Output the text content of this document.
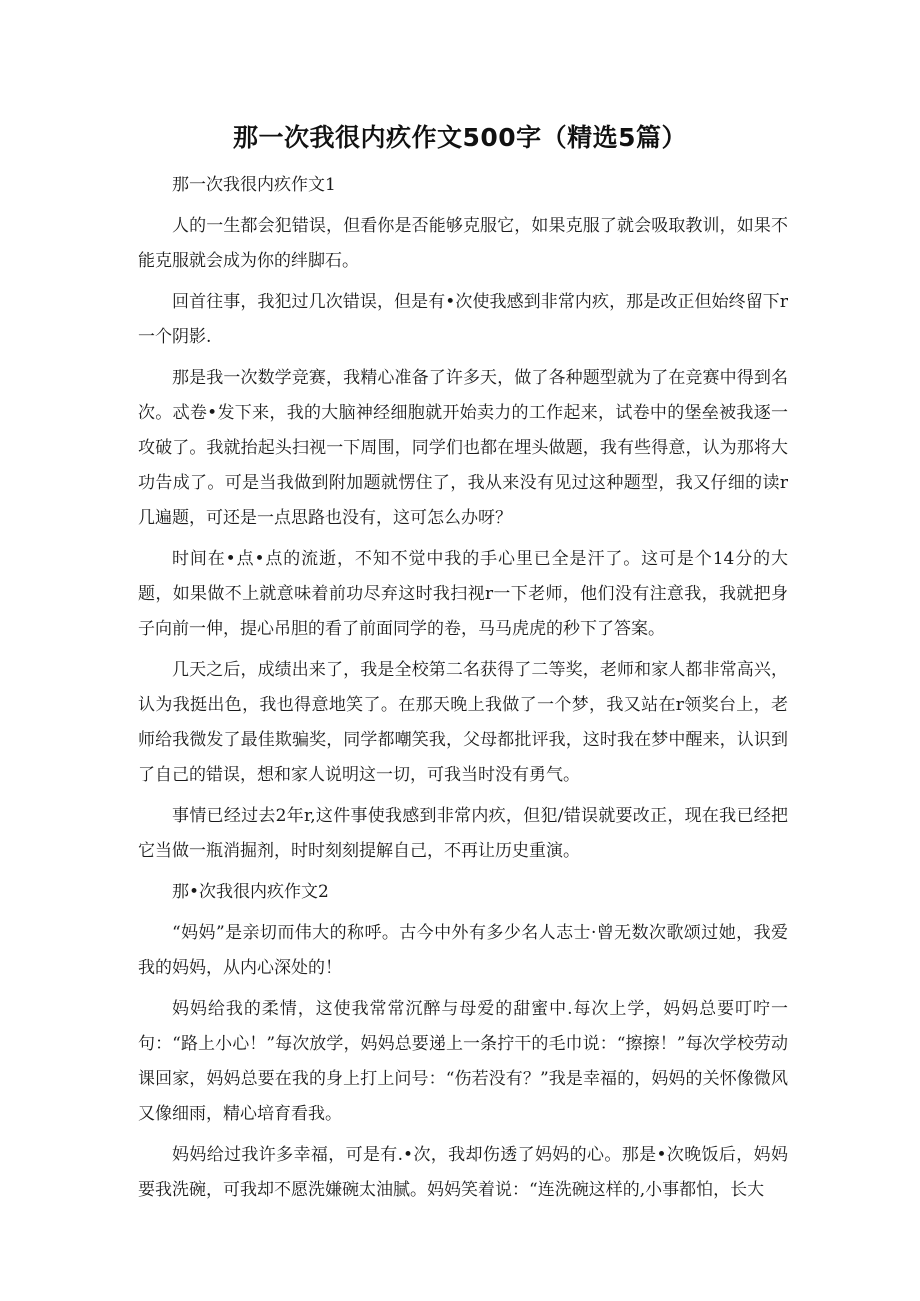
那一次我很内疚作文500字（精选5篇）

那一次我很内疚作文1

人的一生都会犯错误，但看你是否能够克服它，如果克服了就会吸取教训，如果不能克服就会成为你的绊脚石。

回首往事，我犯过几次错误，但是有•次使我感到非常内疚，那是改正但始终留下r一个阴影.

那是我一次数学竞赛，我精心准备了许多天，做了各种题型就为了在竞赛中得到名次。忒卷•发下来，我的大脑神经细胞就开始卖力的工作起来，试卷中的堡垒被我逐一攻破了。我就抬起头扫视一下周围，同学们也都在埋头做题，我有些得意，认为那将大功告成了。可是当我做到附加题就愣住了，我从来没有见过这种题型，我又仔细的读r几遍题，可还是一点思路也没有，这可怎么办呀？

时间在•点•点的流逝，不知不觉中我的手心里已全是汗了。这可是个14分的大题，如果做不上就意味着前功尽弃这时我扫视r一下老师，他们没有注意我，我就把身子向前一伸，提心吊胆的看了前面同学的卷，马马虎虎的秒下了答案。

几天之后，成绩出来了，我是全校第二名获得了二等奖，老师和家人都非常高兴，认为我挺出色，我也得意地笑了。在那天晚上我做了一个梦，我又站在r领奖台上，老师给我微发了最佳欺骗奖，同学都嘲笑我，父母都批评我，这时我在梦中醒来，认识到了自己的错误，想和家人说明这一切，可我当时没有勇气。

事情已经过去2年r,这件事使我感到非常内疚，但犯/错误就要改正，现在我已经把它当做一瓶消掘剂，时时刻刻提解自己，不再让历史重演。

那•次我很内疚作文2

“妈妈”是亲切而伟大的称呼。古今中外有多少名人志士·曾无数次歌颂过她，我爱我的妈妈，从内心深处的！

妈妈给我的柔情，这使我常常沉醉与母爱的甜蜜中.每次上学，妈妈总要叮咛一句：“路上小心！”每次放学，妈妈总要递上一条拧干的毛巾说：“擦擦！”每次学校劳动课回家，妈妈总要在我的身上打上问号：“伤若没有？”我是幸福的，妈妈的关怀像微风又像细雨，精心培育看我。

妈妈给过我许多幸福，可是有.•次，我却伤透了妈妈的心。那是•次晚饭后，妈妈要我洗碗，可我却不愿洗嫌碗太油腻。妈妈笑着说：“连洗碗这样的,小事都怕，长大
